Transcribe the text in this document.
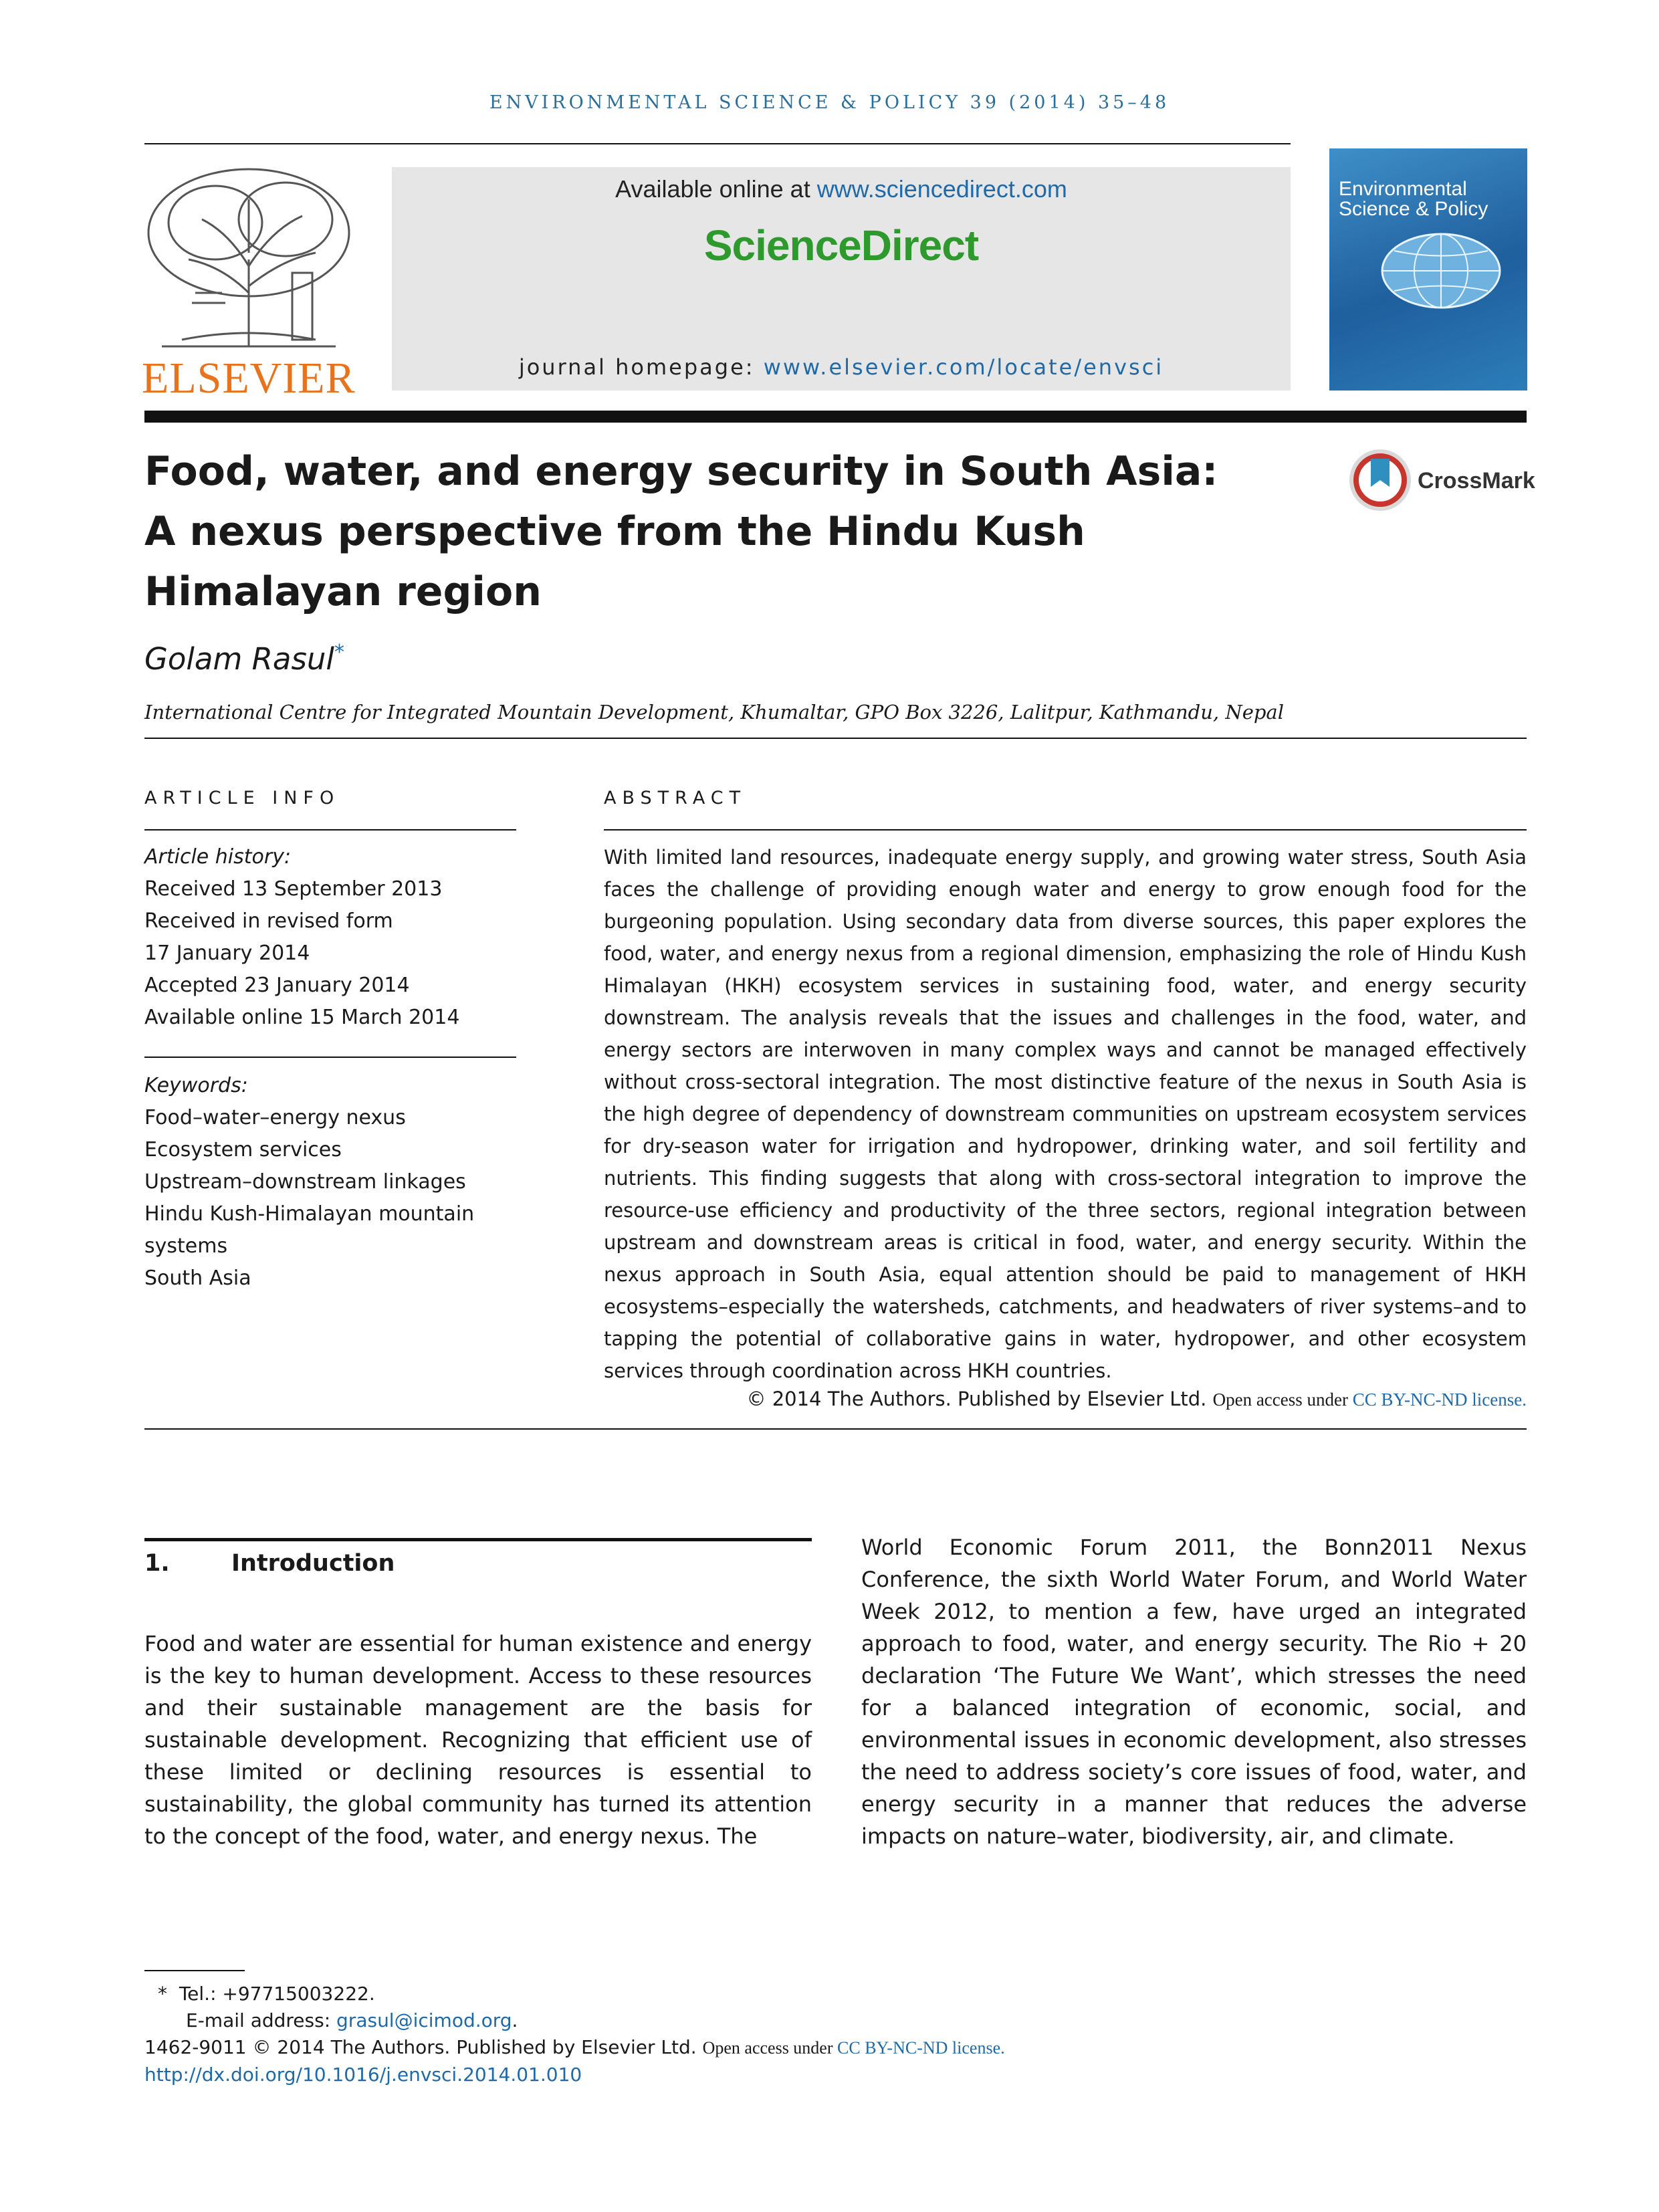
ENVIRONMENTAL SCIENCE & POLICY 39 (2014) 35–48
ELSEVIER
Available online at www.sciencedirect.com
ScienceDirect
journal homepage: www.elsevier.com/locate/envsci
Environmental Science & Policy
Food, water, and energy security in South Asia:
A nexus perspective from the Hindu Kush
Himalayan region
CrossMark
Golam Rasul*
International Centre for Integrated Mountain Development, Khumaltar, GPO Box 3226, Lalitpur, Kathmandu, Nepal
ARTICLE INFO
Article history:
Received 13 September 2013
Received in revised form
17 January 2014
Accepted 23 January 2014
Available online 15 March 2014
Keywords:
Food–water–energy nexus
Ecosystem services
Upstream–downstream linkages
Hindu Kush-Himalayan mountain
systems
South Asia
ABSTRACT
With limited land resources, inadequate energy supply, and growing water stress, South Asia faces the challenge of providing enough water and energy to grow enough food for the burgeoning population. Using secondary data from diverse sources, this paper explores the food, water, and energy nexus from a regional dimension, emphasizing the role of Hindu Kush Himalayan (HKH) ecosystem services in sustaining food, water, and energy security downstream. The analysis reveals that the issues and challenges in the food, water, and energy sectors are interwoven in many complex ways and cannot be managed effectively without cross-sectoral integration. The most distinctive feature of the nexus in South Asia is the high degree of dependency of downstream communities on upstream ecosystem services for dry-season water for irrigation and hydropower, drinking water, and soil fertility and nutrients. This finding suggests that along with cross-sectoral integration to improve the resource-use efficiency and productivity of the three sectors, regional integration between upstream and downstream areas is critical in food, water, and energy security. Within the nexus approach in South Asia, equal attention should be paid to management of HKH ecosystems–especially the watersheds, catchments, and headwaters of river systems–and to tapping the potential of collaborative gains in water, hydropower, and other ecosystem services through coordination across HKH countries.
© 2014 The Authors. Published by Elsevier Ltd. Open access under CC BY-NC-ND license.
1.	Introduction
Food and water are essential for human existence and energy is the key to human development. Access to these resources and their sustainable management are the basis for sustainable development. Recognizing that efficient use of these limited or declining resources is essential to sustainability, the global community has turned its attention to the concept of the food, water, and energy nexus. The
World Economic Forum 2011, the Bonn2011 Nexus Conference, the sixth World Water Forum, and World Water Week 2012, to mention a few, have urged an integrated approach to food, water, and energy security. The Rio + 20 declaration ‘The Future We Want’, which stresses the need for a balanced integration of economic, social, and environmental issues in economic development, also stresses the need to address society’s core issues of food, water, and energy security in a manner that reduces the adverse impacts on nature–water, biodiversity, air, and climate.
* Tel.: +97715003222.
E-mail address: grasul@icimod.org.
1462-9011 © 2014 The Authors. Published by Elsevier Ltd. Open access under CC BY-NC-ND license.
http://dx.doi.org/10.1016/j.envsci.2014.01.010
